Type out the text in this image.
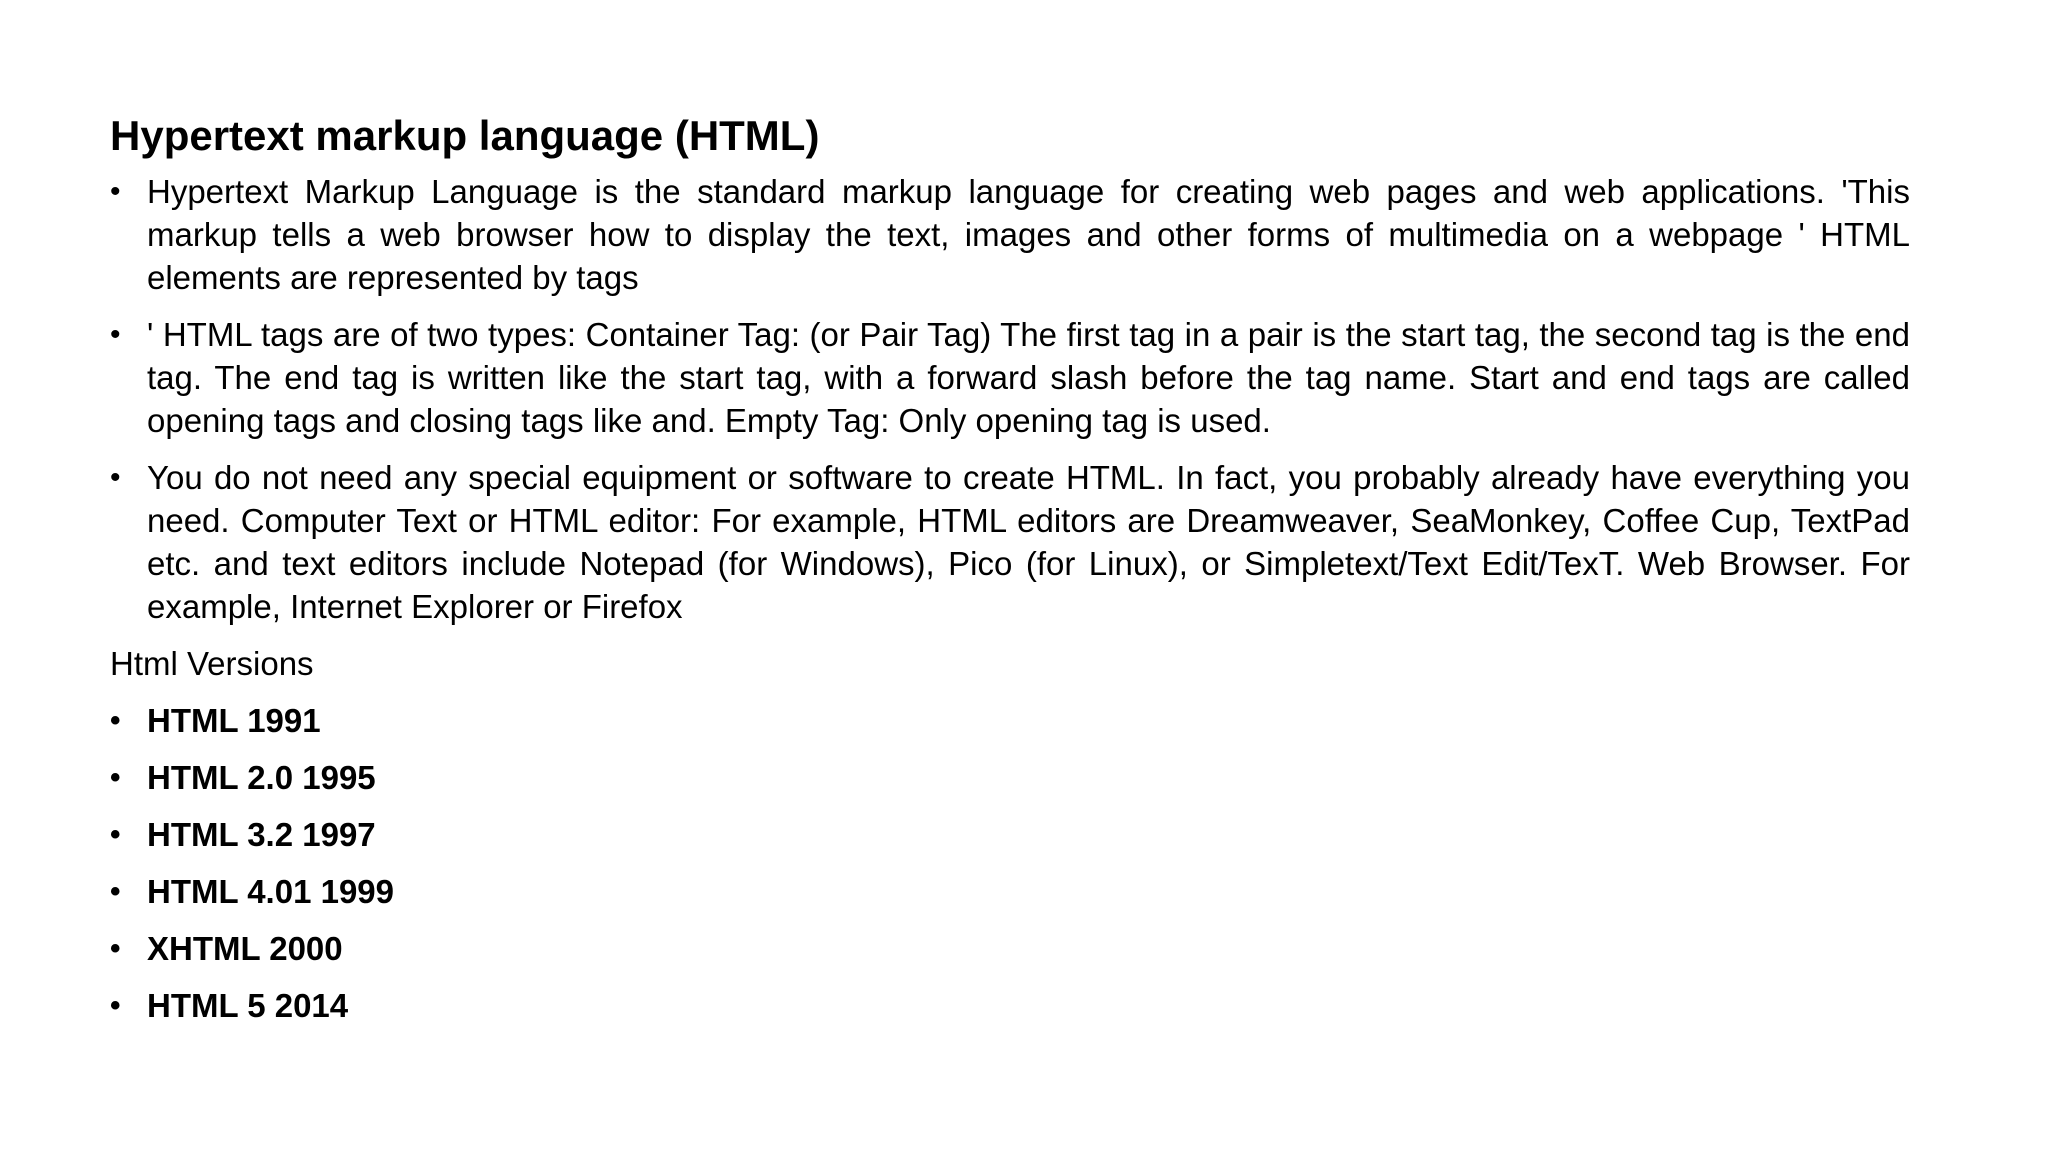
Hypertext markup language (HTML)
• Hypertext Markup Language is the standard markup language for creating web pages and web applications. 'This markup tells a web browser how to display the text, images and other forms of multimedia on a webpage ' HTML elements are represented by tags
• ' HTML tags are of two types: Container Tag: (or Pair Tag) The first tag in a pair is the start tag, the second tag is the end tag. The end tag is written like the start tag, with a forward slash before the tag name. Start and end tags are called opening tags and closing tags like and. Empty Tag: Only opening tag is used.
• You do not need any special equipment or software to create HTML. In fact, you probably already have everything you need. Computer Text or HTML editor: For example, HTML editors are Dreamweaver, SeaMonkey, Coffee Cup, TextPad etc. and text editors include Notepad (for Windows), Pico (for Linux), or Simpletext/Text Edit/TexT. Web Browser. For example, Internet Explorer or Firefox
Html Versions
• HTML 1991
• HTML 2.0 1995
• HTML 3.2 1997
• HTML 4.01 1999
• XHTML 2000
• HTML 5 2014
